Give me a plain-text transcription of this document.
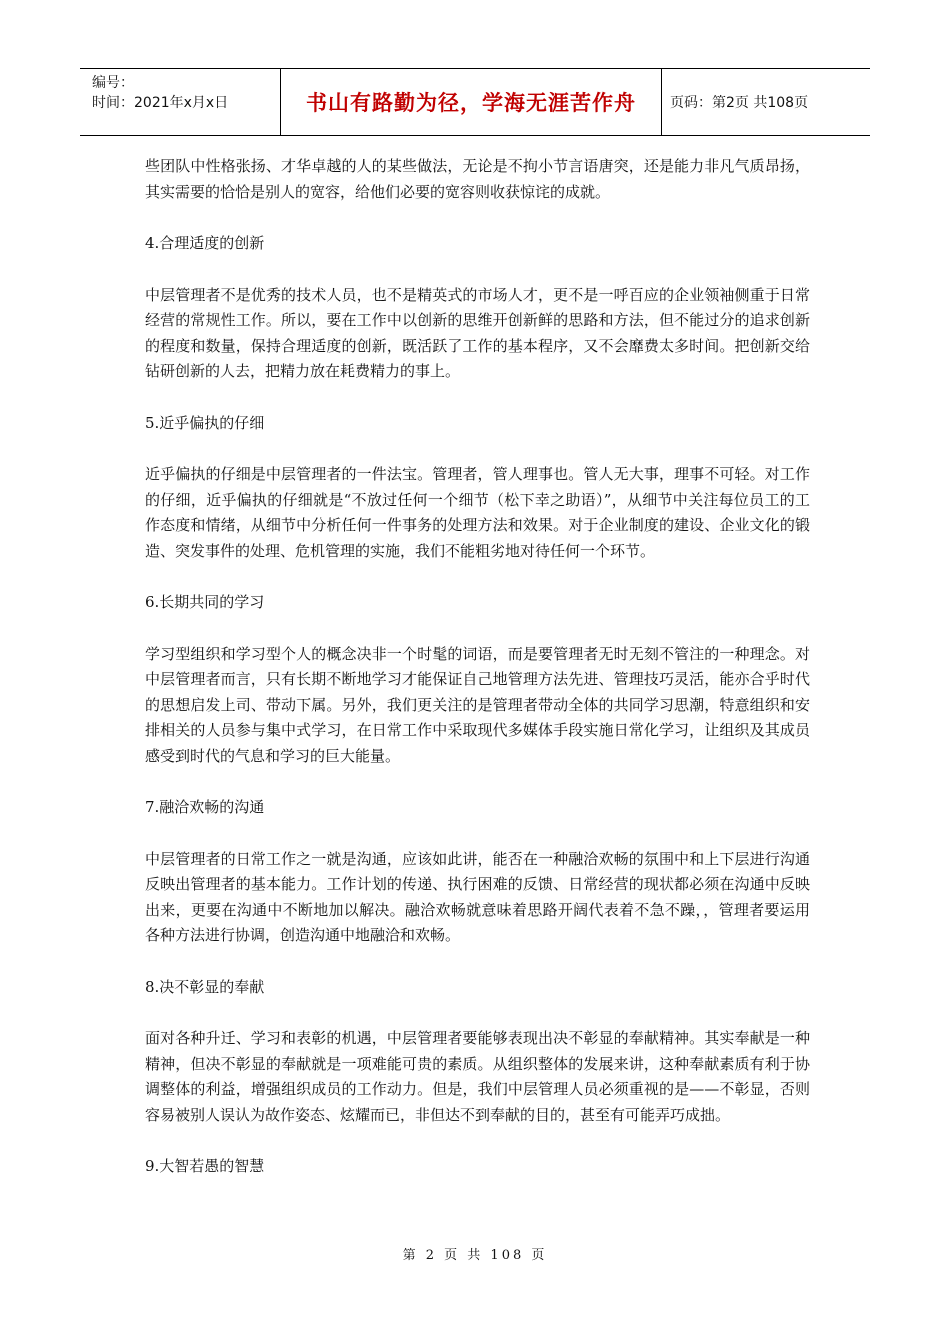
编号：
时间：2021年x月x日	书山有路勤为径，学海无涯苦作舟	页码：第2页 共108页

些团队中性格张扬、才华卓越的人的某些做法，无论是不拘小节言语唐突，还是能力非凡气质昂扬，其实需要的恰恰是别人的宽容，给他们必要的宽容则收获惊诧的成就。

4.合理适度的创新

中层管理者不是优秀的技术人员，也不是精英式的市场人才，更不是一呼百应的企业领袖侧重于日常经营的常规性工作。所以，要在工作中以创新的思维开创新鲜的思路和方法，但不能过分的追求创新的程度和数量，保持合理适度的创新，既活跃了工作的基本程序，又不会靡费太多时间。把创新交给钻研创新的人去，把精力放在耗费精力的事上。

5.近乎偏执的仔细

近乎偏执的仔细是中层管理者的一件法宝。管理者，管人理事也。管人无大事，理事不可轻。对工作的仔细，近乎偏执的仔细就是“不放过任何一个细节（松下幸之助语）”，从细节中关注每位员工的工作态度和情绪，从细节中分析任何一件事务的处理方法和效果。对于企业制度的建设、企业文化的锻造、突发事件的处理、危机管理的实施，我们不能粗劣地对待任何一个环节。

6.长期共同的学习

学习型组织和学习型个人的概念决非一个时髦的词语，而是要管理者无时无刻不管注的一种理念。对中层管理者而言，只有长期不断地学习才能保证自己地管理方法先进、管理技巧灵活，能亦合乎时代的思想启发上司、带动下属。另外，我们更关注的是管理者带动全体的共同学习思潮，特意组织和安排相关的人员参与集中式学习，在日常工作中采取现代多媒体手段实施日常化学习，让组织及其成员感受到时代的气息和学习的巨大能量。

7.融洽欢畅的沟通

中层管理者的日常工作之一就是沟通，应该如此讲，能否在一种融洽欢畅的氛围中和上下层进行沟通反映出管理者的基本能力。工作计划的传递、执行困难的反馈、日常经营的现状都必须在沟通中反映出来，更要在沟通中不断地加以解决。融洽欢畅就意味着思路开阔代表着不急不躁，，管理者要运用各种方法进行协调，创造沟通中地融洽和欢畅。

8.决不彰显的奉献

面对各种升迁、学习和表彰的机遇，中层管理者要能够表现出决不彰显的奉献精神。其实奉献是一种精神，但决不彰显的奉献就是一项难能可贵的素质。从组织整体的发展来讲，这种奉献素质有利于协调整体的利益，增强组织成员的工作动力。但是，我们中层管理人员必须重视的是——不彰显，否则容易被别人误认为故作姿态、炫耀而已，非但达不到奉献的目的，甚至有可能弄巧成拙。

9.大智若愚的智慧
第 2 页 共 108 页
